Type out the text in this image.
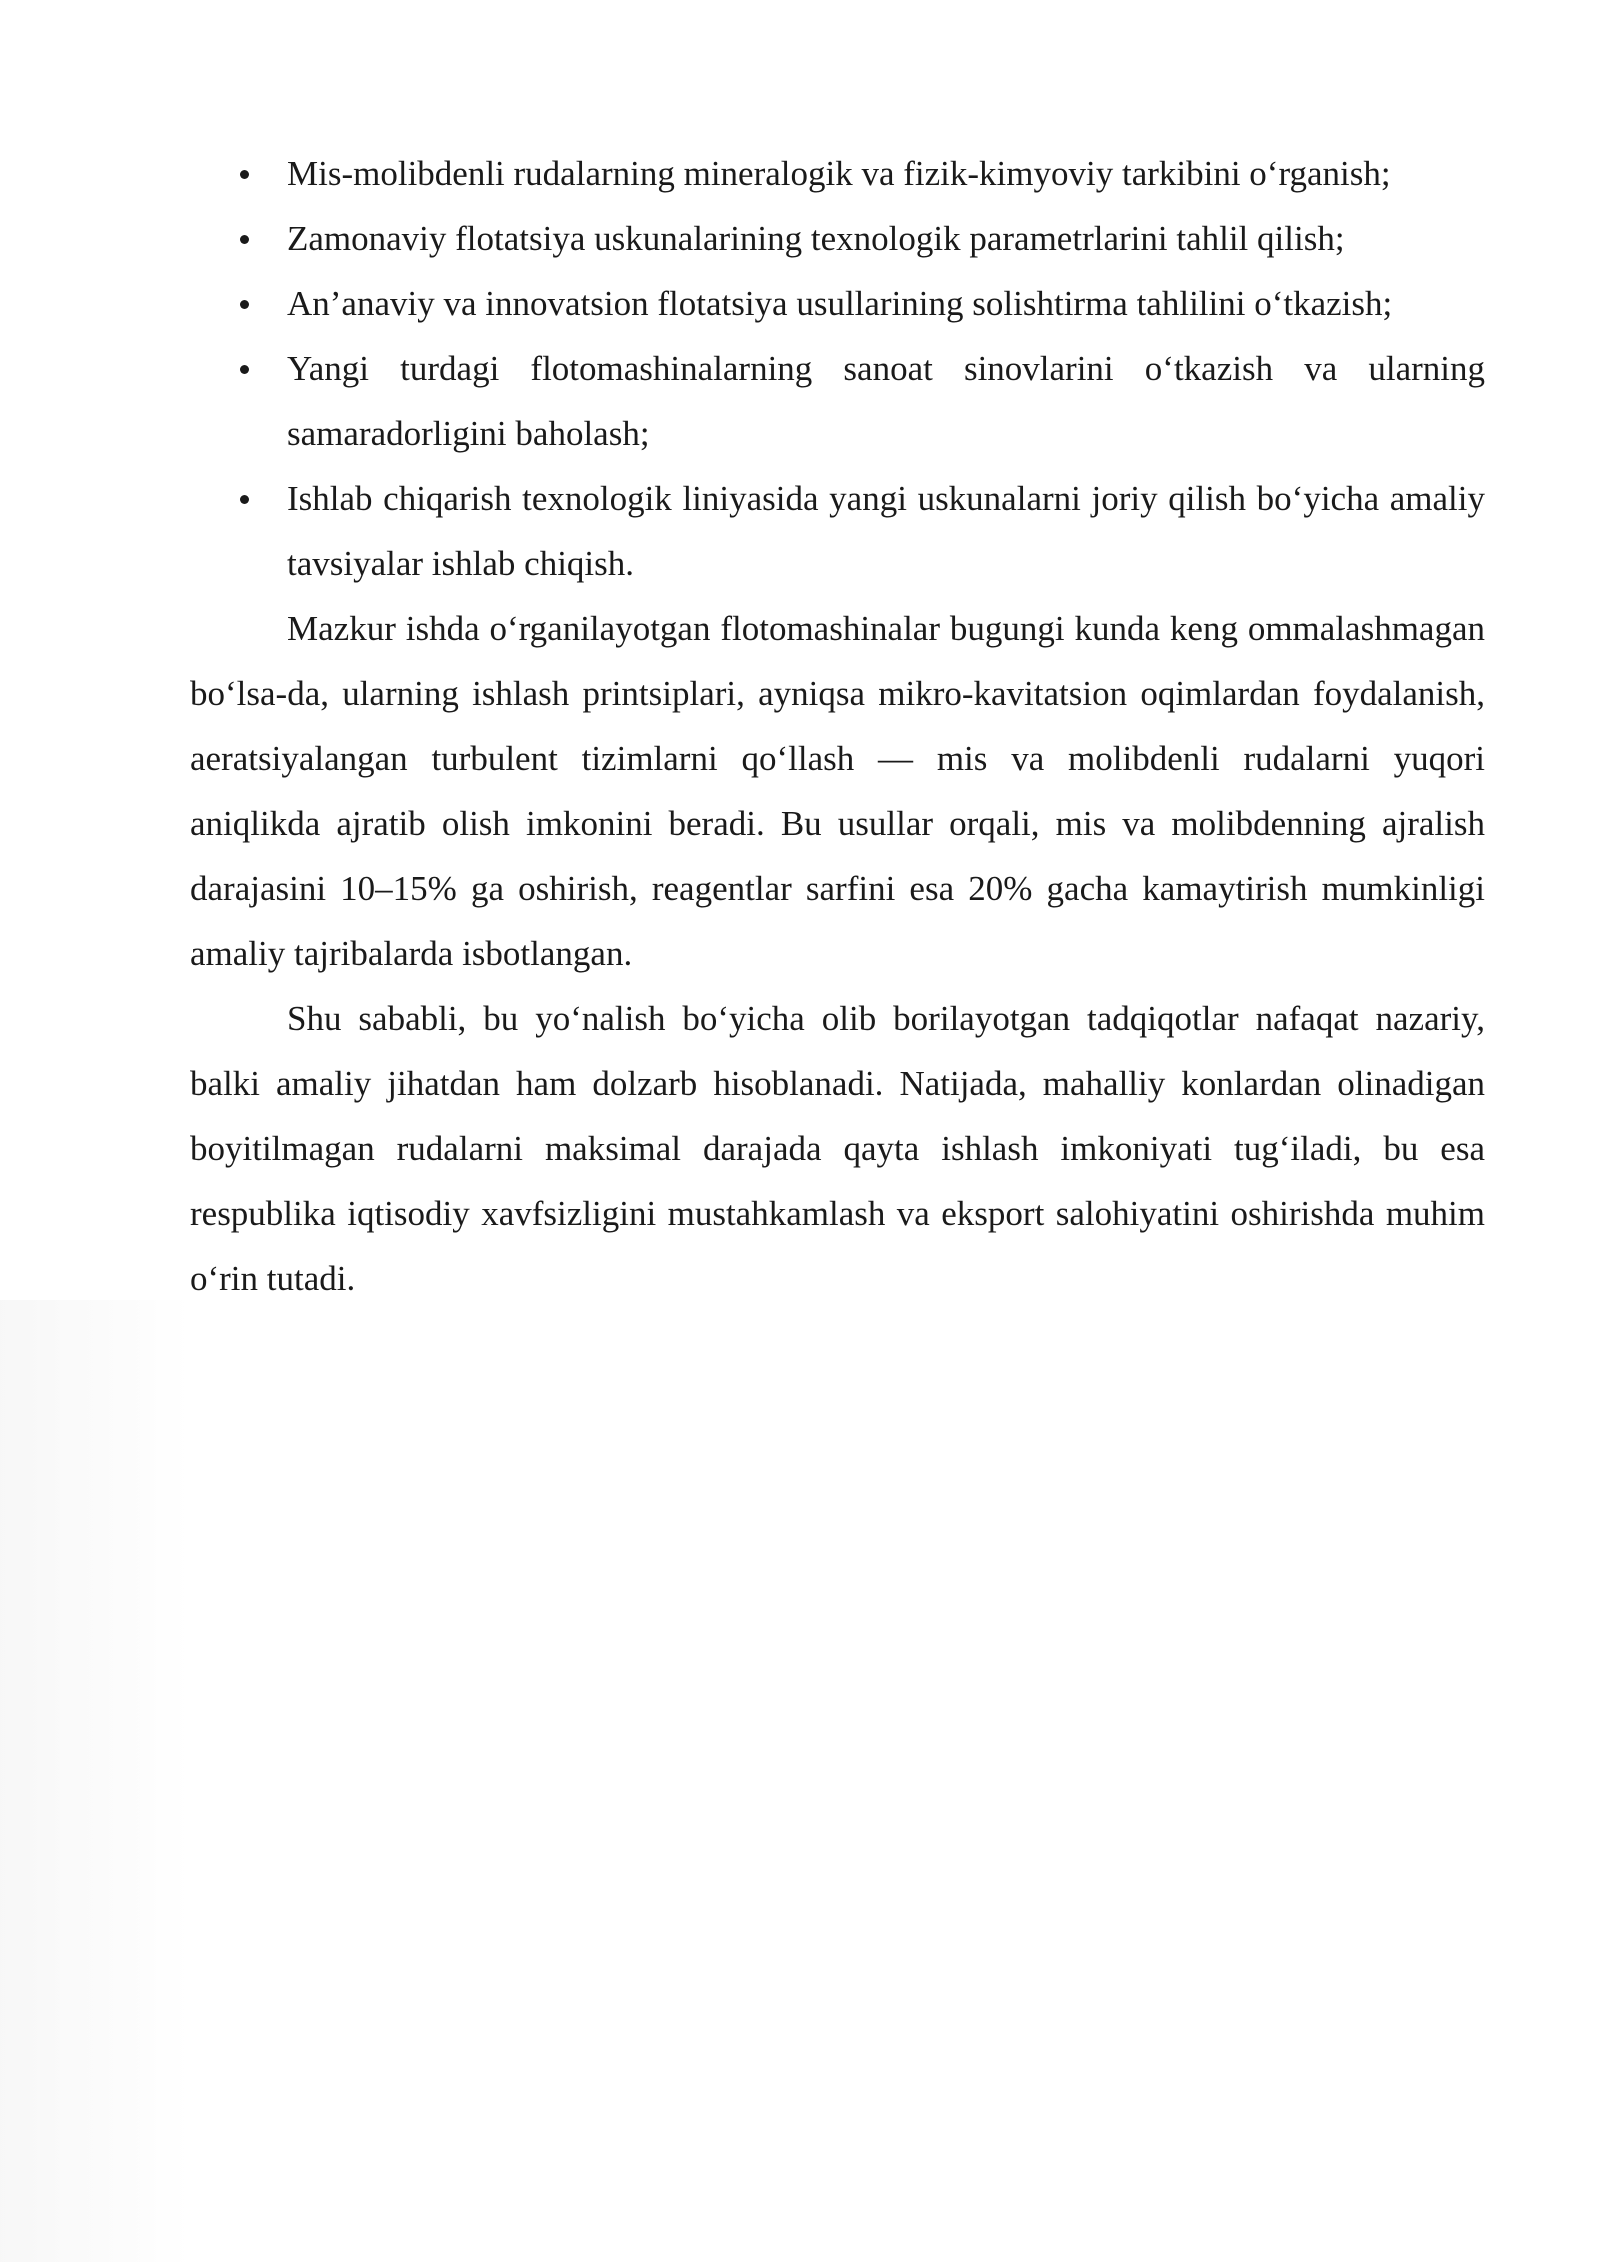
Mis-molibdenli rudalarning mineralogik va fizik-kimyoviy tarkibini o‘rganish;
Zamonaviy flotatsiya uskunalarining texnologik parametrlarini tahlil qilish;
An’anaviy va innovatsion flotatsiya usullarining solishtirma tahlilini o‘tkazish;
Yangi turdagi flotomashinalarning sanoat sinovlarini o‘tkazish va ularning samaradorligini baholash;
Ishlab chiqarish texnologik liniyasida yangi uskunalarni joriy qilish bo‘yicha amaliy tavsiyalar ishlab chiqish.

Mazkur ishda o‘rganilayotgan flotomashinalar bugungi kunda keng ommalashmagan bo‘lsa-da, ularning ishlash printsiplari, ayniqsa mikro-kavitatsion oqimlardan foydalanish, aeratsiyalangan turbulent tizimlarni qo‘llash — mis va molibdenli rudalarni yuqori aniqlikda ajratib olish imkonini beradi. Bu usullar orqali, mis va molibdenning ajralish darajasini 10–15% ga oshirish, reagentlar sarfini esa 20% gacha kamaytirish mumkinligi amaliy tajribalarda isbotlangan.

Shu sababli, bu yo‘nalish bo‘yicha olib borilayotgan tadqiqotlar nafaqat nazariy, balki amaliy jihatdan ham dolzarb hisoblanadi. Natijada, mahalliy konlardan olinadigan boyitilmagan rudalarni maksimal darajada qayta ishlash imkoniyati tug‘iladi, bu esa respublika iqtisodiy xavfsizligini mustahkamlash va eksport salohiyatini oshirishda muhim o‘rin tutadi.
